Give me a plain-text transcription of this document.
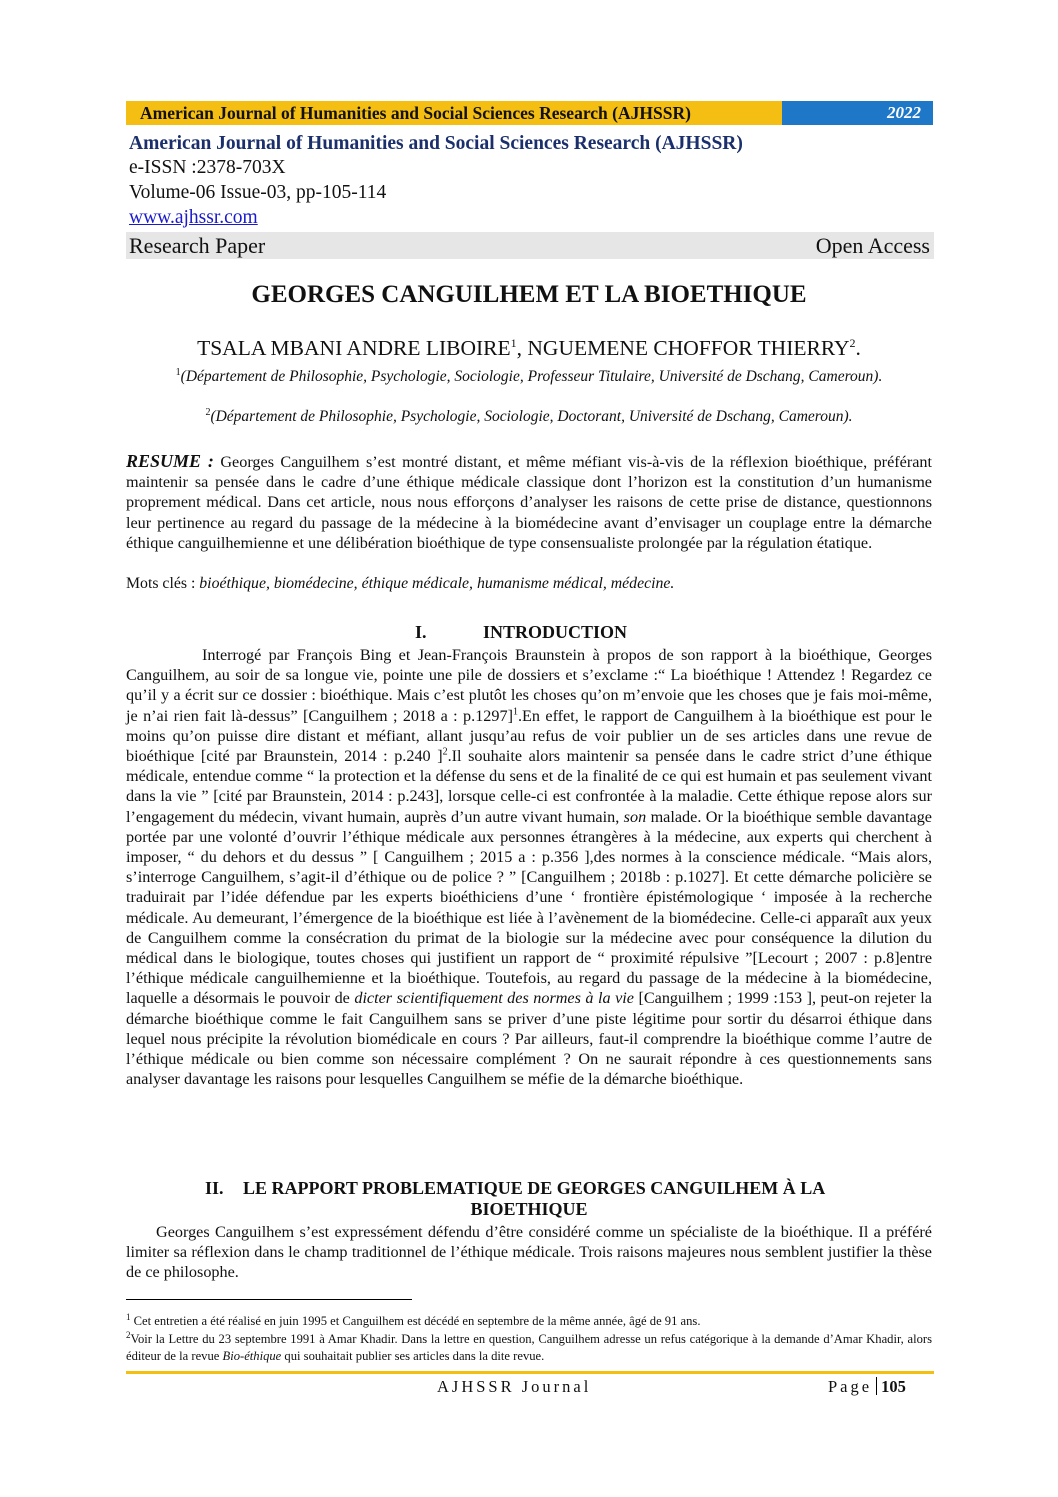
American Journal of Humanities and Social Sciences Research (AJHSSR)	2022
American Journal of Humanities and Social Sciences Research (AJHSSR)
e-ISSN :2378-703X
Volume-06 Issue-03, pp-105-114
www.ajhssr.com
Research Paper	Open Access
GEORGES CANGUILHEM ET LA BIOETHIQUE
TSALA MBANI ANDRE LIBOIRE$^1$, NGUEMENE CHOFFOR THIERRY$^2$.
$^1$(Département de Philosophie, Psychologie, Sociologie, Professeur Titulaire, Université de Dschang, Cameroun).
$^2$(Département de Philosophie, Psychologie, Sociologie, Doctorant, Université de Dschang, Cameroun).
RESUME : Georges Canguilhem s’est montré distant, et même méfiant vis-à-vis de la réflexion bioéthique, préférant maintenir sa pensée dans le cadre d’une éthique médicale classique dont l’horizon est la constitution d’un humanisme proprement médical. Dans cet article, nous nous efforçons d’analyser les raisons de cette prise de distance, questionnons leur pertinence au regard du passage de la médecine à la biomédecine avant d’envisager un couplage entre la démarche éthique canguilhemienne et une délibération bioéthique de type consensualiste prolongée par la régulation étatique.
Mots clés : bioéthique, biomédecine, éthique médicale, humanisme médical, médecine.
I.	INTRODUCTION
Interrogé par François Bing et Jean-François Braunstein à propos de son rapport à la bioéthique, Georges Canguilhem, au soir de sa longue vie, pointe une pile de dossiers et s’exclame :“ La bioéthique ! Attendez ! Regardez ce qu’il y a écrit sur ce dossier : bioéthique. Mais c’est plutôt les choses qu’on m’envoie que les choses que je fais moi-même, je n’ai rien fait là-dessus” [Canguilhem ; 2018 a : p.1297]$^1$.En effet, le rapport de Canguilhem à la bioéthique est pour le moins qu’on puisse dire distant et méfiant, allant jusqu’au refus de voir publier un de ses articles dans une revue de bioéthique [cité par Braunstein, 2014 : p.240 ]$^2$.Il souhaite alors maintenir sa pensée dans le cadre strict d’une éthique médicale, entendue comme “ la protection et la défense du sens et de la finalité de ce qui est humain et pas seulement vivant dans la vie ” [cité par Braunstein, 2014 : p.243], lorsque celle-ci est confrontée à la maladie. Cette éthique repose alors sur l’engagement du médecin, vivant humain, auprès d’un autre vivant humain, son malade. Or la bioéthique semble davantage portée par une volonté d’ouvrir l’éthique médicale aux personnes étrangères à la médecine, aux experts qui cherchent à imposer, “ du dehors et du dessus ” [ Canguilhem ; 2015 a : p.356 ],des normes à la conscience médicale. “Mais alors, s’interroge Canguilhem, s’agit-il d’éthique ou de police ? ” [Canguilhem ; 2018b : p.1027]. Et cette démarche policière se traduirait par l’idée défendue par les experts bioéthiciens d’une ‘ frontière épistémologique ‘ imposée à la recherche médicale. Au demeurant, l’émergence de la bioéthique est liée à l’avènement de la biomédecine. Celle-ci apparaît aux yeux de Canguilhem comme la consécration du primat de la biologie sur la médecine avec pour conséquence la dilution du médical dans le biologique, toutes choses qui justifient un rapport de “ proximité répulsive ”[Lecourt ; 2007 : p.8]entre l’éthique médicale canguilhemienne et la bioéthique. Toutefois, au regard du passage de la médecine à la biomédecine, laquelle a désormais le pouvoir de dicter scientifiquement des normes à la vie [Canguilhem ; 1999 :153 ], peut-on rejeter la démarche bioéthique comme le fait Canguilhem sans se priver d’une piste légitime pour sortir du désarroi éthique dans lequel nous précipite la révolution biomédicale en cours ? Par ailleurs, faut-il comprendre la bioéthique comme l’autre de l’éthique médicale ou bien comme son nécessaire complément ? On ne saurait répondre à ces questionnements sans analyser davantage les raisons pour lesquelles Canguilhem se méfie de la démarche bioéthique.
II. LE RAPPORT PROBLEMATIQUE DE GEORGES CANGUILHEM À LA
BIOETHIQUE
Georges Canguilhem s’est expressément défendu d’être considéré comme un spécialiste de la bioéthique. Il a préféré limiter sa réflexion dans le champ traditionnel de l’éthique médicale. Trois raisons majeures nous semblent justifier la thèse de ce philosophe.
$^1$ Cet entretien a été réalisé en juin 1995 et Canguilhem est décédé en septembre de la même année, âgé de 91 ans.
$^2$Voir la Lettre du 23 septembre 1991 à Amar Khadir. Dans la lettre en question, Canguilhem adresse un refus catégorique à la demande d’Amar Khadir, alors éditeur de la revue Bio-éthique qui souhaitait publier ses articles dans la dite revue.
AJHSSR Journal	Page 105
